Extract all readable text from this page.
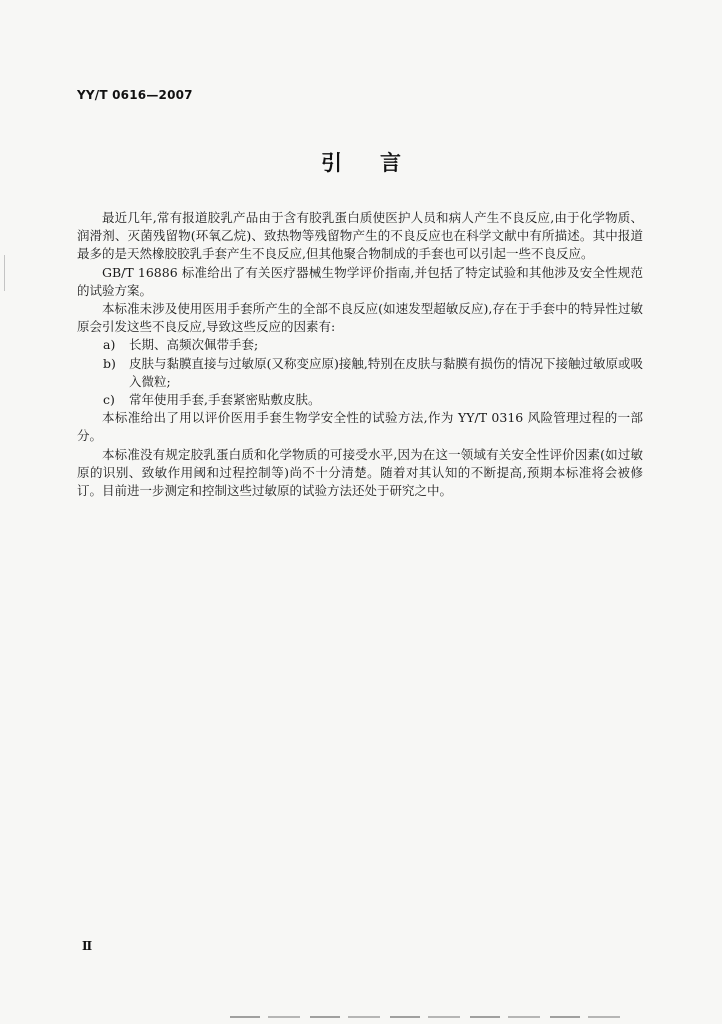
YY/T 0616—2007
引言

最近几年,常有报道胶乳产品由于含有胶乳蛋白质使医护人员和病人产生不良反应,由于化学物质、润滑剂、灭菌残留物(环氧乙烷)、致热物等残留物产生的不良反应也在科学文献中有所描述。其中报道最多的是天然橡胶胶乳手套产生不良反应,但其他聚合物制成的手套也可以引起一些不良反应。

GB/T 16886 标准给出了有关医疗器械生物学评价指南,并包括了特定试验和其他涉及安全性规范的试验方案。

本标准未涉及使用医用手套所产生的全部不良反应(如速发型超敏反应),存在于手套中的特异性过敏原会引发这些不良反应,导致这些反应的因素有:

a) 长期、高频次佩带手套;

b) 皮肤与黏膜直接与过敏原(又称变应原)接触,特别在皮肤与黏膜有损伤的情况下接触过敏原或吸入微粒;

c) 常年使用手套,手套紧密贴敷皮肤。

本标准给出了用以评价医用手套生物学安全性的试验方法,作为 YY/T 0316 风险管理过程的一部分。

本标准没有规定胶乳蛋白质和化学物质的可接受水平,因为在这一领域有关安全性评价因素(如过敏原的识别、致敏作用阈和过程控制等)尚不十分清楚。随着对其认知的不断提高,预期本标准将会被修订。目前进一步测定和控制这些过敏原的试验方法还处于研究之中。

Ⅱ
